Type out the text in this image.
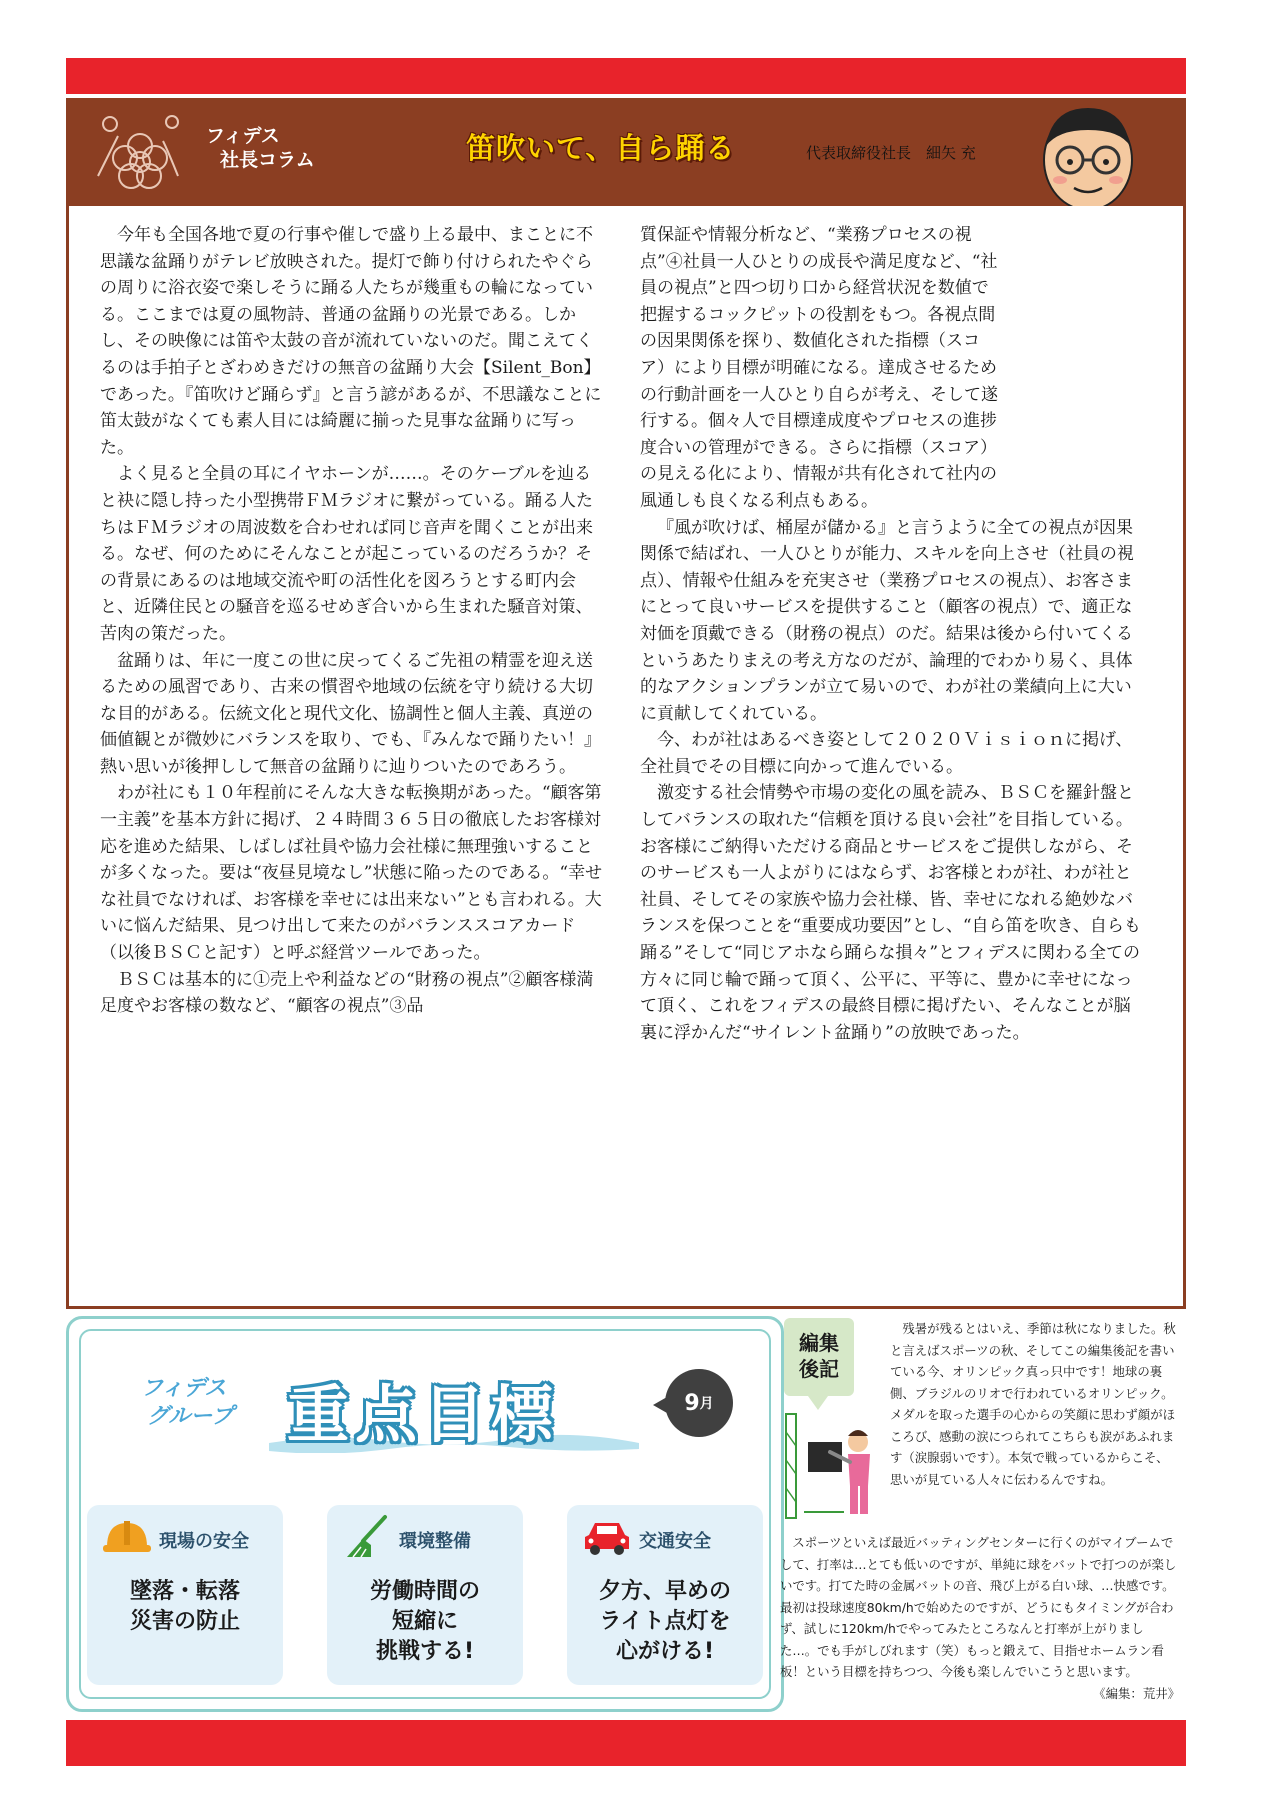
フィデス
社長コラム	笛吹いて、自ら踊る	代表取締役社長　細矢 充

今年も全国各地で夏の行事や催しで盛り上る最中、まことに不思議な盆踊りがテレビ放映された。提灯で飾り付けられたやぐらの周りに浴衣姿で楽しそうに踊る人たちが幾重もの輪になっている。ここまでは夏の風物詩、普通の盆踊りの光景である。しかし、その映像には笛や太鼓の音が流れていないのだ。聞こえてくるのは手拍子とざわめきだけの無音の盆踊り大会【Silent_Bon】であった。『笛吹けど踊らず』と言う諺があるが、不思議なことに笛太鼓がなくても素人目には綺麗に揃った見事な盆踊りに写った。

よく見ると全員の耳にイヤホーンが……。そのケーブルを辿ると袂に隠し持った小型携帯ＦＭラジオに繋がっている。踊る人たちはＦＭラジオの周波数を合わせれば同じ音声を聞くことが出来る。なぜ、何のためにそんなことが起こっているのだろうか？その背景にあるのは地域交流や町の活性化を図ろうとする町内会と、近隣住民との騒音を巡るせめぎ合いから生まれた騒音対策、苦肉の策だった。

盆踊りは、年に一度この世に戻ってくるご先祖の精霊を迎え送るための風習であり、古来の慣習や地域の伝統を守り続ける大切な目的がある。伝統文化と現代文化、協調性と個人主義、真逆の価値観とが微妙にバランスを取り、でも、『みんなで踊りたい！』熱い思いが後押しして無音の盆踊りに辿りついたのであろう。

わが社にも１０年程前にそんな大きな転換期があった。“顧客第一主義”を基本方針に掲げ、２４時間３６５日の徹底したお客様対応を進めた結果、しばしば社員や協力会社様に無理強いすることが多くなった。要は“夜昼見境なし”状態に陥ったのである。“幸せな社員でなければ、お客様を幸せには出来ない”とも言われる。大いに悩んだ結果、見つけ出して来たのがバランススコアカード（以後ＢＳＣと記す）と呼ぶ経営ツールであった。

ＢＳＣは基本的に①売上や利益などの“財務の視点”②顧客様満足度やお客様の数など、“顧客の視点”③品

質保証や情報分析など、“業務プロセスの視点”④社員一人ひとりの成長や満足度など、“社員の視点”と四つ切り口から経営状況を数値で把握するコックピットの役割をもつ。各視点間の因果関係を探り、数値化された指標（スコア）により目標が明確になる。達成させるための行動計画を一人ひとり自らが考え、そして遂行する。個々人で目標達成度やプロセスの進捗度合いの管理ができる。さらに指標（スコア）の見える化により、情報が共有化されて社内の風通しも良くなる利点もある。

『風が吹けば、桶屋が儲かる』と言うように全ての視点が因果関係で結ばれ、一人ひとりが能力、スキルを向上させ（社員の視点）、情報や仕組みを充実させ（業務プロセスの視点）、お客さまにとって良いサービスを提供すること（顧客の視点）で、適正な対価を頂戴できる（財務の視点）のだ。結果は後から付いてくるというあたりまえの考え方なのだが、論理的でわかり易く、具体的なアクションプランが立て易いので、わが社の業績向上に大いに貢献してくれている。

今、わが社はあるべき姿として２０２０Ｖｉｓｉｏｎに掲げ、全社員でその目標に向かって進んでいる。

激変する社会情勢や市場の変化の風を読み、ＢＳＣを羅針盤としてバランスの取れた“信頼を頂ける良い会社”を目指している。お客様にご納得いただける商品とサービスをご提供しながら、そのサービスも一人よがりにはならず、お客様とわが社、わが社と社員、そしてその家族や協力会社様、皆、幸せになれる絶妙なバランスを保つことを“重要成功要因”とし、“自ら笛を吹き、自らも踊る”そして“同じアホなら踊らな損々”とフィデスに関わる全ての方々に同じ輪で踊って頂く、公平に、平等に、豊かに幸せになって頂く、これをフィデスの最終目標に掲げたい、そんなことが脳裏に浮かんだ“サイレント盆踊り”の放映であった。

フィデス
グループ 重点目標	9 月
現場の安全
墜落・転落
災害の防止
環境整備
労働時間の
短縮に
挑戦する!
交通安全
夕方、早めの
ライト点灯を
心がける!
編集
後記

残暑が残るとはいえ、季節は秋になりました。秋と言えばスポーツの秋、そしてこの編集後記を書いている今、オリンピック真っ只中です！地球の裏側、ブラジルのリオで行われているオリンピック。メダルを取った選手の心からの笑顔に思わず顔がほころび、感動の涙につられてこちらも涙があふれます（涙腺弱いです）。本気で戦っているからこそ、思いが見ている人々に伝わるんですね。

スポーツといえば最近バッティングセンターに行くのがマイブームでして、打率は…とても低いのですが、単純に球をバットで打つのが楽しいです。打てた時の金属バットの音、飛び上がる白い球、…快感です。最初は投球速度80km/hで始めたのですが、どうにもタイミングが合わず、試しに120km/hでやってみたところなんと打率が上がりました…。でも手がしびれます（笑）もっと鍛えて、目指せホームラン看板！という目標を持ちつつ、今後も楽しんでいこうと思います。
《編集：荒井》
